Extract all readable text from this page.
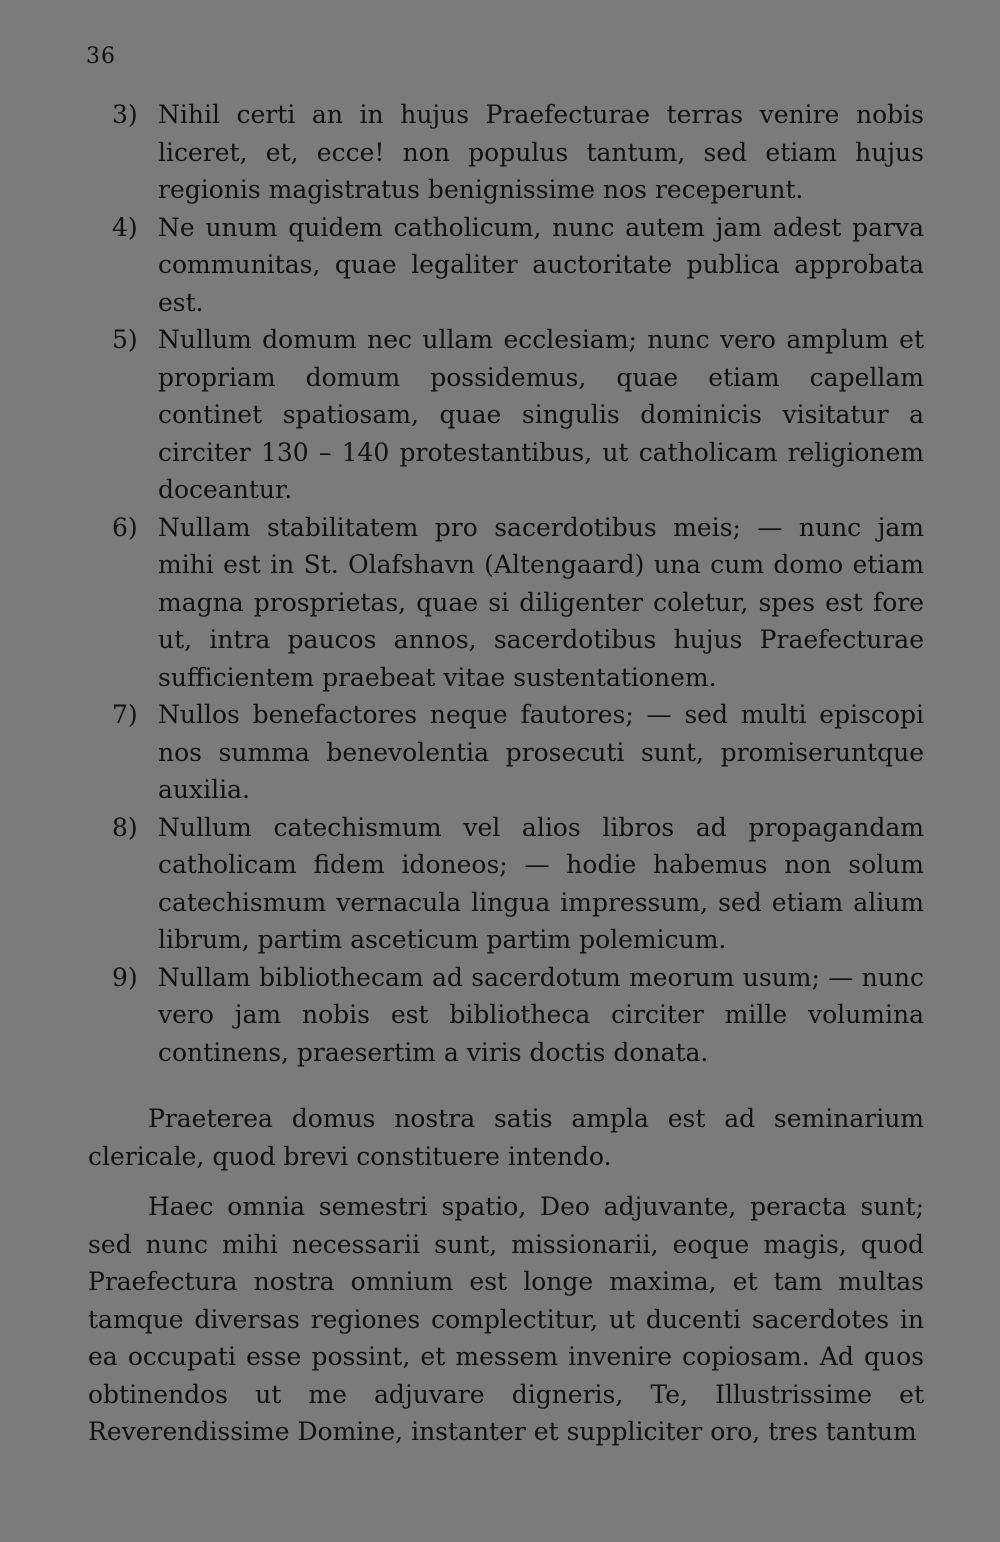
36

3) Nihil certi an in hujus Praefecturae terras venire nobis liceret, et, ecce! non populus tantum, sed etiam hujus regionis magistratus benignissime nos receperunt.

4) Ne unum quidem catholicum, nunc autem jam adest parva communitas, quae legaliter auctoritate publica approbata est.

5) Nullum domum nec ullam ecclesiam; nunc vero amplum et propriam domum possidemus, quae etiam capellam continet spatiosam, quae singulis dominicis visitatur a circiter 130 – 140 protestantibus, ut catholicam religionem doceantur.

6) Nullam stabilitatem pro sacerdotibus meis; — nunc jam mihi est in St. Olafshavn (Altengaard) una cum domo etiam magna prosprietas, quae si diligenter coletur, spes est fore ut, intra paucos annos, sacerdotibus hujus Praefecturae sufficientem praebeat vitae sustentationem.

7) Nullos benefactores neque fautores; — sed multi episcopi nos summa benevolentia prosecuti sunt, promiseruntque auxilia.

8) Nullum catechismum vel alios libros ad propagandam catholicam fidem idoneos; — hodie habemus non solum catechismum vernacula lingua impressum, sed etiam alium librum, partim asceticum partim polemicum.

9) Nullam bibliothecam ad sacerdotum meorum usum; — nunc vero jam nobis est bibliotheca circiter mille volumina continens, praesertim a viris doctis donata.

Praeterea domus nostra satis ampla est ad seminarium clericale, quod brevi constituere intendo.

Haec omnia semestri spatio, Deo adjuvante, peracta sunt; sed nunc mihi necessarii sunt, missionarii, eoque magis, quod Praefectura nostra omnium est longe maxima, et tam multas tamque diversas regiones complectitur, ut ducenti sacerdotes in ea occupati esse possint, et messem invenire copiosam. Ad quos obtinendos ut me adjuvare digneris, Te, Illustrissime et Reverendissime Domine, instanter et suppliciter oro, tres tantum
